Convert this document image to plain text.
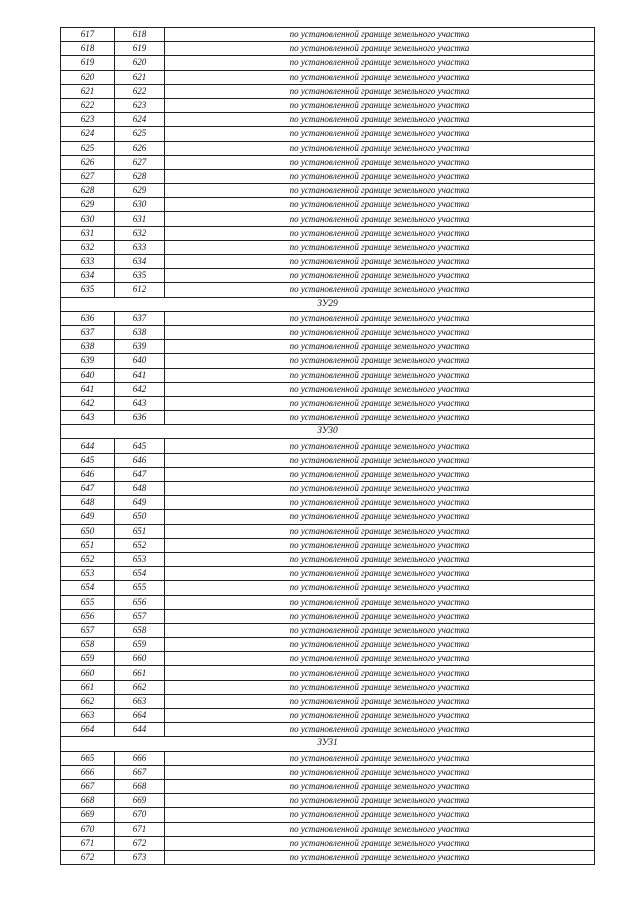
617	618	по установленной границе земельного участка
618	619	по установленной границе земельного участка
619	620	по установленной границе земельного участка
620	621	по установленной границе земельного участка
621	622	по установленной границе земельного участка
622	623	по установленной границе земельного участка
623	624	по установленной границе земельного участка
624	625	по установленной границе земельного участка
625	626	по установленной границе земельного участка
626	627	по установленной границе земельного участка
627	628	по установленной границе земельного участка
628	629	по установленной границе земельного участка
629	630	по установленной границе земельного участка
630	631	по установленной границе земельного участка
631	632	по установленной границе земельного участка
632	633	по установленной границе земельного участка
633	634	по установленной границе земельного участка
634	635	по установленной границе земельного участка
635	612	по установленной границе земельного участка
ЗУ29		
636	637	по установленной границе земельного участка
637	638	по установленной границе земельного участка
638	639	по установленной границе земельного участка
639	640	по установленной границе земельного участка
640	641	по установленной границе земельного участка
641	642	по установленной границе земельного участка
642	643	по установленной границе земельного участка
643	636	по установленной границе земельного участка
ЗУ30		
644	645	по установленной границе земельного участка
645	646	по установленной границе земельного участка
646	647	по установленной границе земельного участка
647	648	по установленной границе земельного участка
648	649	по установленной границе земельного участка
649	650	по установленной границе земельного участка
650	651	по установленной границе земельного участка
651	652	по установленной границе земельного участка
652	653	по установленной границе земельного участка
653	654	по установленной границе земельного участка
654	655	по установленной границе земельного участка
655	656	по установленной границе земельного участка
656	657	по установленной границе земельного участка
657	658	по установленной границе земельного участка
658	659	по установленной границе земельного участка
659	660	по установленной границе земельного участка
660	661	по установленной границе земельного участка
661	662	по установленной границе земельного участка
662	663	по установленной границе земельного участка
663	664	по установленной границе земельного участка
664	644	по установленной границе земельного участка
ЗУ31		
665	666	по установленной границе земельного участка
666	667	по установленной границе земельного участка
667	668	по установленной границе земельного участка
668	669	по установленной границе земельного участка
669	670	по установленной границе земельного участка
670	671	по установленной границе земельного участка
671	672	по установленной границе земельного участка
672	673	по установленной границе земельного участка
